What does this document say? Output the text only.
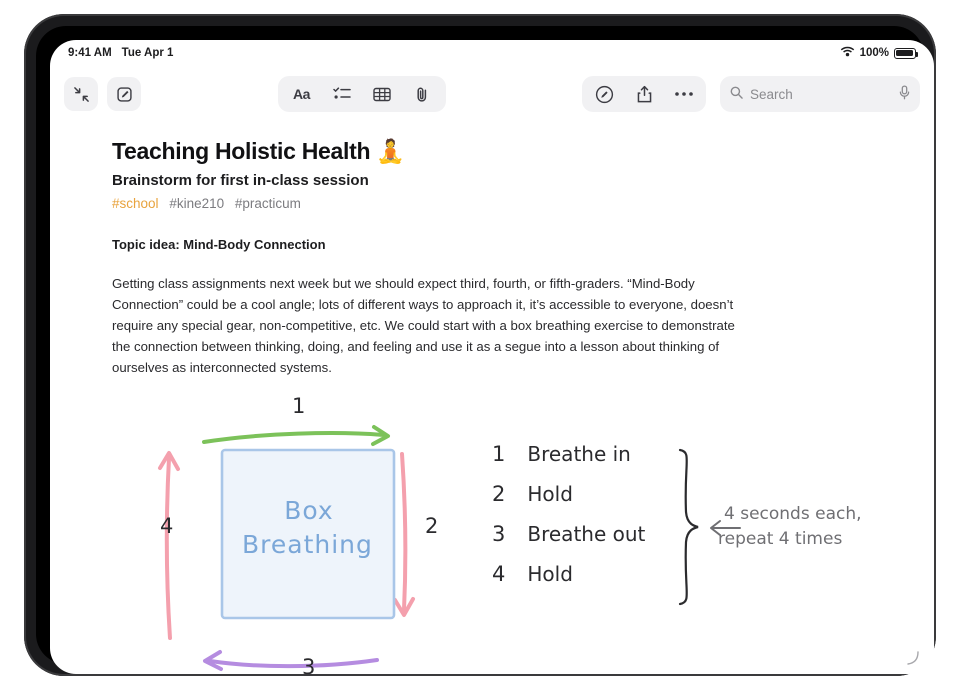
9:41 AM Tue Apr 1	100%
Aa	Search
Teaching Holistic Health 🧘
Brainstorm for first in-class session
#school #kine210 #practicum
Topic idea: Mind-Body Connection
Getting class assignments next week but we should expect third, fourth, or fifth-graders. “Mind-Body Connection” could be a cool angle; lots of different ways to approach it, it’s accessible to everyone, doesn’t require any special gear, non-competitive, etc. We could start with a box breathing exercise to demonstrate the connection between thinking, doing, and feeling and use it as a segue into a lesson about thinking of ourselves as interconnected systems.
1
2
3
4
Box
Breathing
1 Breathe in
2 Hold
3 Breathe out
4 Hold
4 seconds each,
repeat 4 times
